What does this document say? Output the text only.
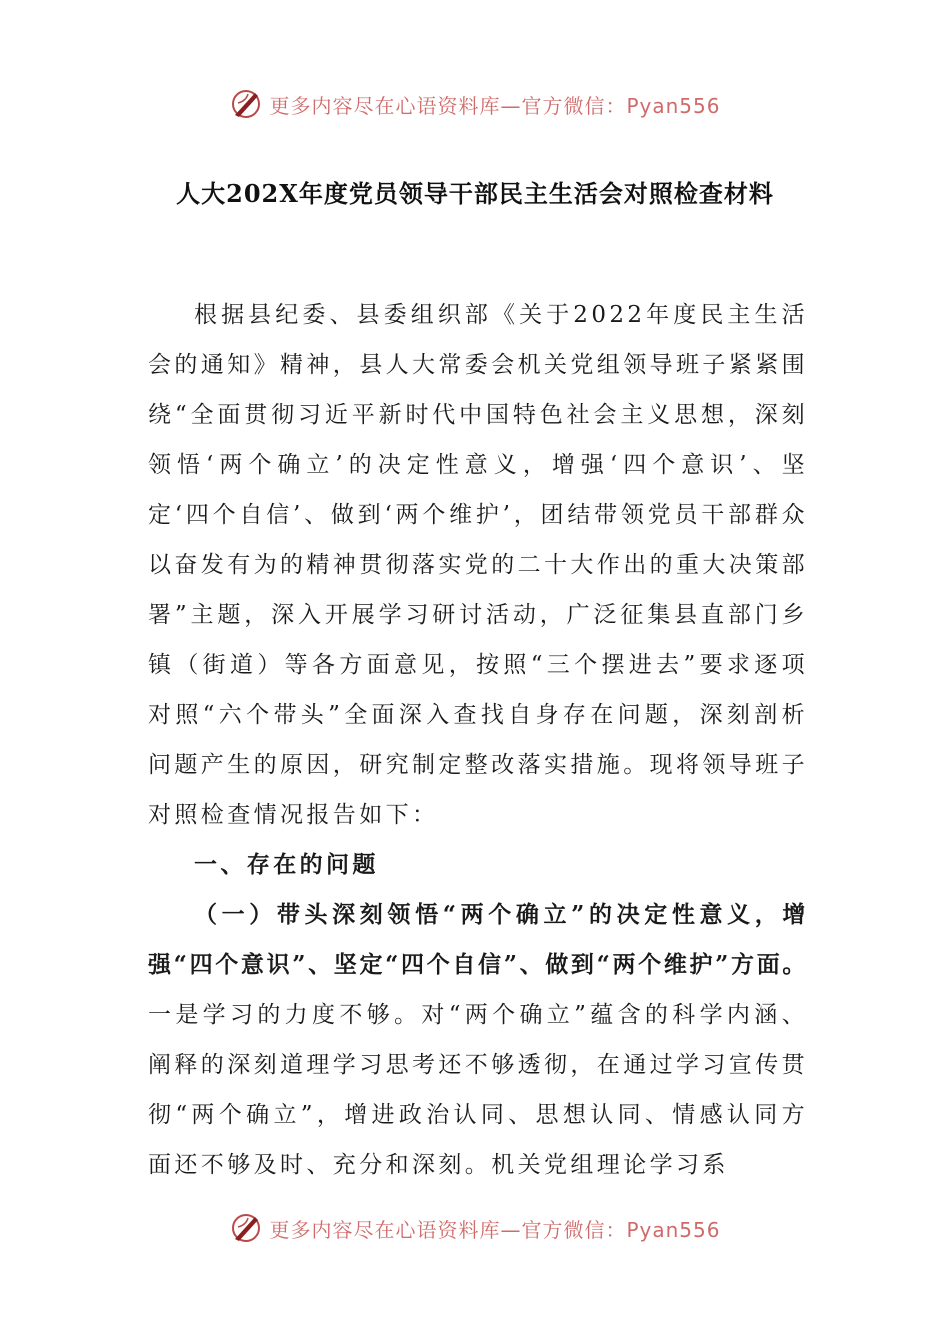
更多内容尽在心语资料库—官方微信：Pyan556
人大202X年度党员领导干部民主生活会对照检查材料

根据县纪委、县委组织部《关于2022年度民主生活会的通知》精神，县人大常委会机关党组领导班子紧紧围绕“全面贯彻习近平新时代中国特色社会主义思想，深刻领悟‘两个确立’的决定性意义，增强‘四个意识’、坚定‘四个自信’、做到‘两个维护’，团结带领党员干部群众以奋发有为的精神贯彻落实党的二十大作出的重大决策部署”主题，深入开展学习研讨活动，广泛征集县直部门乡镇（街道）等各方面意见，按照“三个摆进去”要求逐项对照“六个带头”全面深入查找自身存在问题，深刻剖析问题产生的原因，研究制定整改落实措施。现将领导班子对照检查情况报告如下：

一、存在的问题

（一）带头深刻领悟“两个确立”的决定性意义，增强“四个意识”、坚定“四个自信”、做到“两个维护”方面。一是学习的力度不够。对“两个确立”蕴含的科学内涵、阐释的深刻道理学习思考还不够透彻，在通过学习宣传贯彻“两个确立”，增进政治认同、思想认同、情感认同方面还不够及时、充分和深刻。机关党组理论学习系

更多内容尽在心语资料库—官方微信：Pyan556
